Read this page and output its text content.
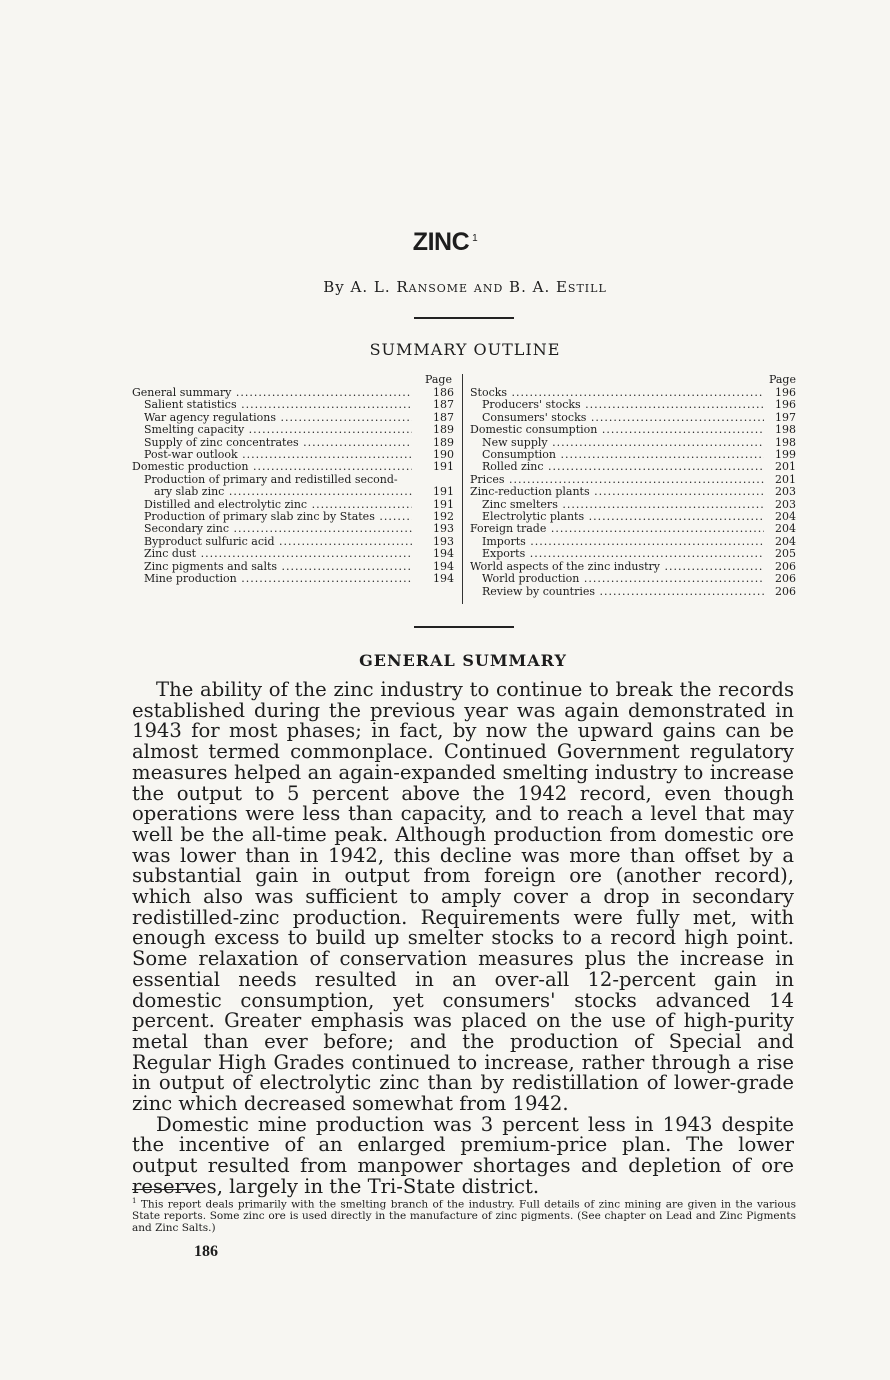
ZINC $^1$
By A. L. Ransome and B. A. Estill
SUMMARY OUTLINE
Page
General summary .....	186
Salient statistics .....	187
War agency regulations .....	187
Smelting capacity .....	189
Supply of zinc concentrates .....	189
Post-war outlook .....	190
Domestic production .....	191
Production of primary and redistilled second-
ary slab zinc .....	191
Distilled and electrolytic zinc .....	191
Production of primary slab zinc by States .....	192
Secondary zinc .....	193
Byproduct sulfuric acid .....	193
Zinc dust .....	194
Zinc pigments and salts .....	194
Mine production .....	194
Page
Stocks .....	196
Producers' stocks .....	196
Consumers' stocks .....	197
Domestic consumption .....	198
New supply .....	198
Consumption .....	199
Rolled zinc .....	201
Prices .....	201
Zinc-reduction plants .....	203
Zinc smelters .....	203
Electrolytic plants .....	204
Foreign trade .....	204
Imports .....	204
Exports .....	205
World aspects of the zinc industry .....	206
World production .....	206
Review by countries .....	206
GENERAL SUMMARY

The ability of the zinc industry to continue to break the records established during the previous year was again demonstrated in 1943 for most phases; in fact, by now the upward gains can be almost termed commonplace. Continued Government regulatory measures helped an again-expanded smelting industry to increase the output to 5 percent above the 1942 record, even though operations were less than capacity, and to reach a level that may well be the all-time peak. Although production from domestic ore was lower than in 1942, this decline was more than offset by a substantial gain in output from foreign ore (another record), which also was sufficient to amply cover a drop in secondary redistilled-zinc production. Requirements were fully met, with enough excess to build up smelter stocks to a record high point. Some relaxation of conservation measures plus the increase in essential needs resulted in an over-all 12-percent gain in domestic consumption, yet consumers' stocks advanced 14 percent. Greater emphasis was placed on the use of high-purity metal than ever before; and the production of Special and Regular High Grades continued to increase, rather through a rise in output of electrolytic zinc than by redistillation of lower-grade zinc which decreased somewhat from 1942.

Domestic mine production was 3 percent less in 1943 despite the incentive of an enlarged premium-price plan. The lower output resulted from manpower shortages and depletion of ore reserves, largely in the Tri-State district.

$^1$ This report deals primarily with the smelting branch of the industry. Full details of zinc mining are given in the various State reports. Some zinc ore is used directly in the manufacture of zinc pigments. (See chapter on Lead and Zinc Pigments and Zinc Salts.)
186
